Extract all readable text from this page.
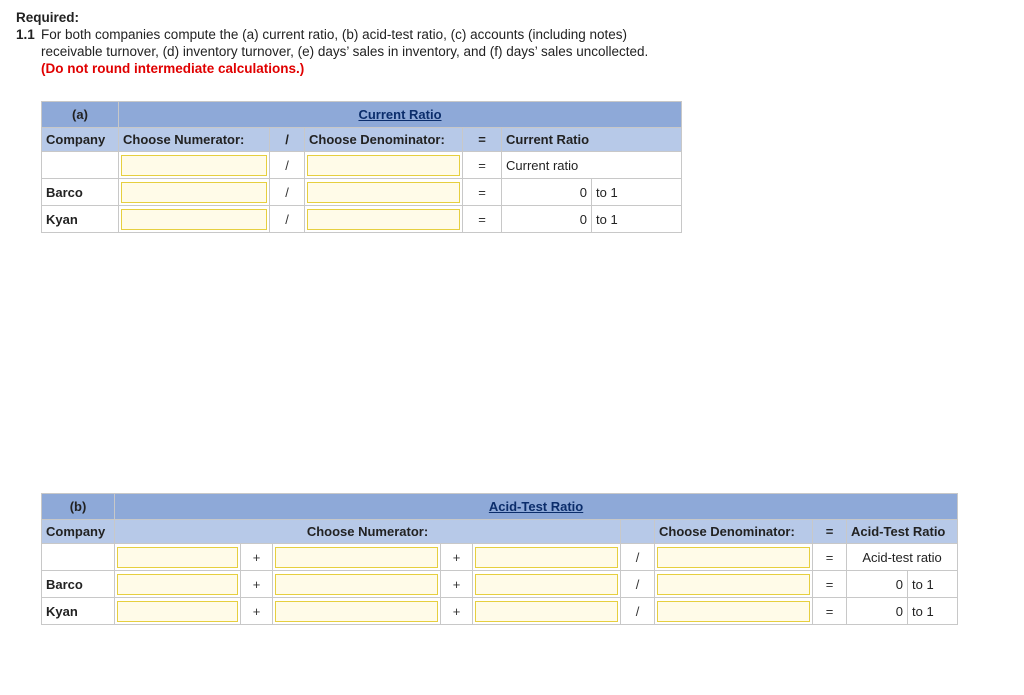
Required:
1.1 For both companies compute the (a) current ratio, (b) acid-test ratio, (c) accounts (including notes)
receivable turnover, (d) inventory turnover, (e) days’ sales in inventory, and (f) days’ sales uncollected.
(Do not round intermediate calculations.)
(a)	Current Ratio					
Company	Choose Numerator:	/	Choose Denominator:	=	Current Ratio	

	/		=	Current ratio	
Barco		/		=	0	to 1
Kyan		/		=	0	to 1
(b)	Acid-Test Ratio									
Company	Choose Numerator:						Choose Denominator:	=	Acid-Test Ratio	

	+		+		/		=	Acid-test ratio	
Barco		+		+		/		=	0	to 1
Kyan		+		+		/		=	0	to 1
